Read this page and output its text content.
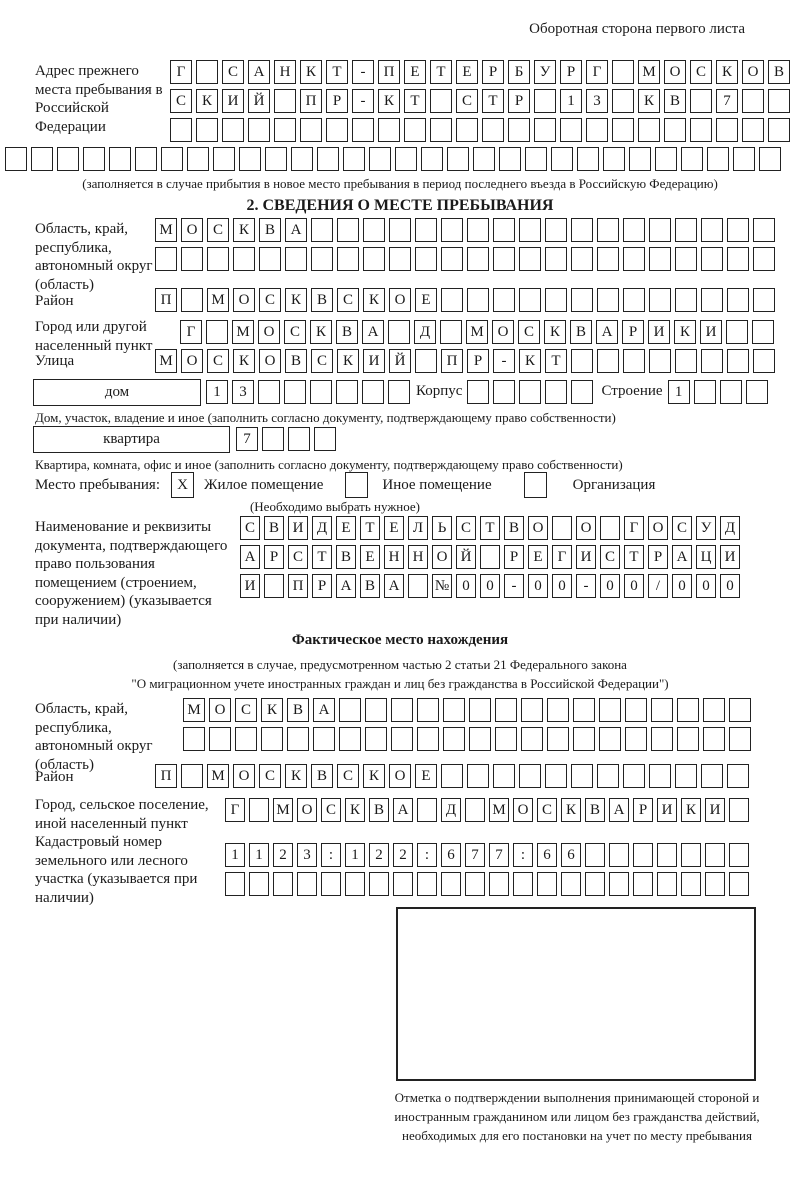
Оборотная сторона первого листа
Адрес прежнего места пребывания в Российской Федерации
Г	С	А	Н	К	Т	-	П	Е	Т	Е	Р	Б	У	Р	Г	М О	С	К	О	В
С	К	И	Й	П	Р	-	К	Т	С	Т	Р	1	3	К	В	7
(заполняется в случае прибытия в новое место пребывания в период последнего въезда в Российскую Федерацию)
2. СВЕДЕНИЯ О МЕСТЕ ПРЕБЫВАНИЯ
Область, край, республика, автономный округ (область)
М О	С	К	В	А
Район	П	М О	С	К	В	С	К	О	Е
Город или другой населенный пункт
Г	М О	С	К	В	А	Д	М О	С	К	В	А	Р	И	К	И
Улица	М О	С	К	О	В	С	К	И	Й	П	Р	-	К	Т
дом	1	3	Корпус	Строение 1
Дом, участок, владение и иное (заполнить согласно документу, подтверждающему право собственности)
квартира	7
Квартира, комната, офис и иное (заполнить согласно документу, подтверждающему право собственности)
Место пребывания:	X	Жилое помещение	Иное помещение	Организация
(Необходимо выбрать нужное)
Наименование и реквизиты документа, подтверждающего право пользования помещением (строением, сооружением) (указывается при наличии)
С В И Д Е Т Е Л Ь С Т В О	О	Г О С У Д
А Р С Т В Е Н Н О Й	Р	Е	Г И С Т	Р А Ц И
И	П Р А В А	№ 0	0	-	0	0	-	0	0	/	0	0	0
Фактическое место нахождения
(заполняется в случае, предусмотренном частью 2 статьи 21 Федерального закона
"О миграционном учете иностранных граждан и лиц без гражданства в Российской Федерации")
Область, край, республика, автономный округ (область)
М О	С	К	В	А
Район	П	М О	С	К	В	С	К	О	Е
Город, сельское поселение, иной населенный пункт
Г	М О С К В А	Д	М О С К В А Р И К И
Кадастровый номер земельного или лесного участка (указывается при наличии)
1	1	2	3	:	1	2	2	:	6	7	7	:	6	6
Отметка о подтверждении выполнения принимающей стороной и иностранным гражданином или лицом без гражданства действий, необходимых для его постановки на учет по месту пребывания
